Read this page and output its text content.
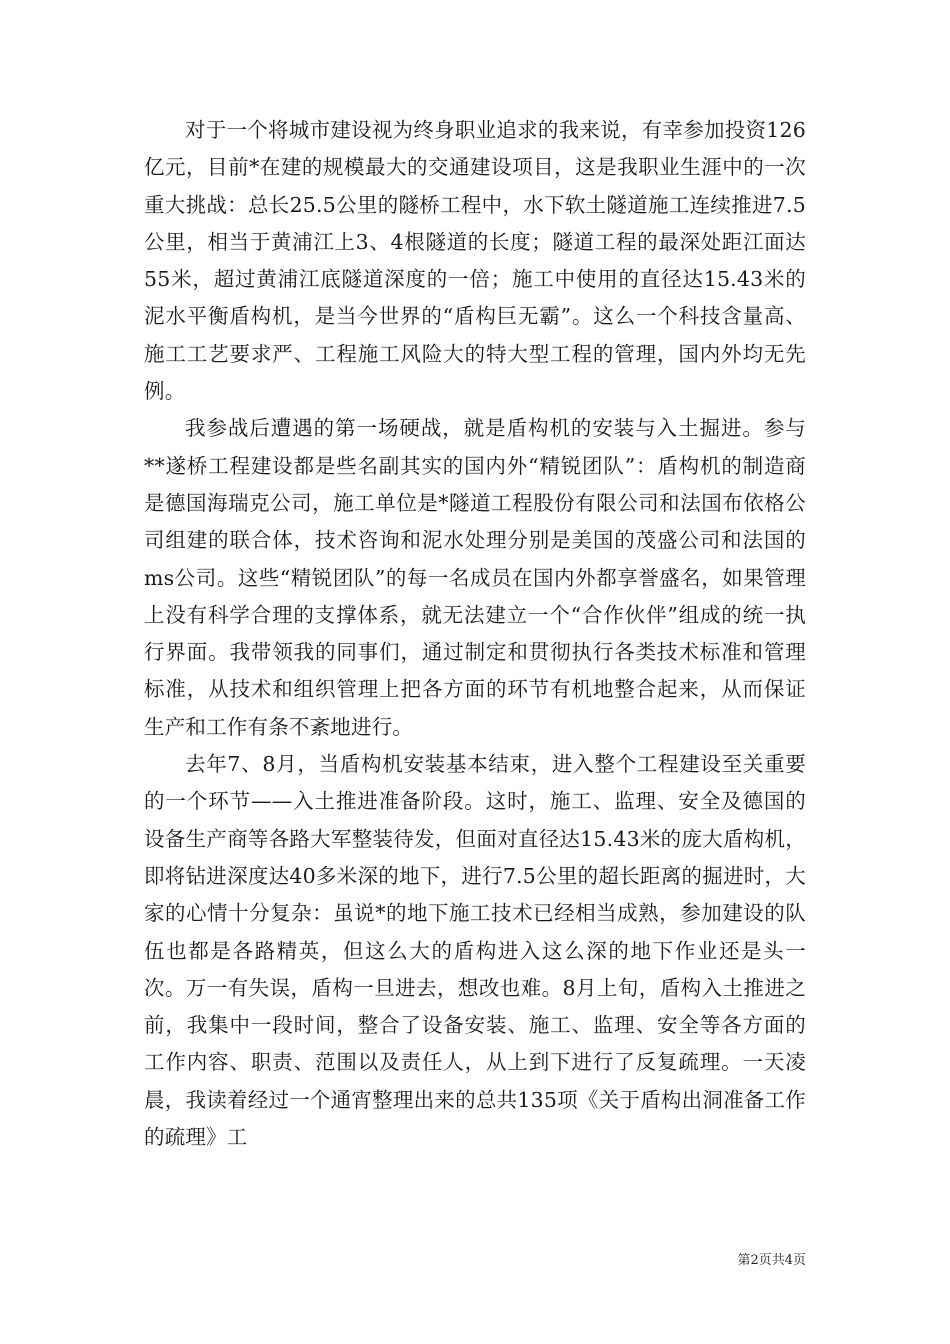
对于一个将城市建设视为终身职业追求的我来说，有幸参加投资126亿元，目前*在建的规模最大的交通建设项目，这是我职业生涯中的一次重大挑战：总长25.5公里的隧桥工程中，水下软土隧道施工连续推进7.5公里，相当于黄浦江上3、4根隧道的长度；隧道工程的最深处距江面达55米，超过黄浦江底隧道深度的一倍；施工中使用的直径达15.43米的泥水平衡盾构机，是当今世界的“盾构巨无霸”。这么一个科技含量高、施工工艺要求严、工程施工风险大的特大型工程的管理，国内外均无先例。

我参战后遭遇的第一场硬战，就是盾构机的安装与入土掘进。参与**遂桥工程建设都是些名副其实的国内外“精锐团队”：盾构机的制造商是德国海瑞克公司，施工单位是*隧道工程股份有限公司和法国布依格公司组建的联合体，技术咨询和泥水处理分别是美国的茂盛公司和法国的ms公司。这些“精锐团队”的每一名成员在国内外都享誉盛名，如果管理上没有科学合理的支撑体系，就无法建立一个“合作伙伴”组成的统一执行界面。我带领我的同事们，通过制定和贯彻执行各类技术标准和管理标准，从技术和组织管理上把各方面的环节有机地整合起来，从而保证生产和工作有条不紊地进行。

去年7、8月，当盾构机安装基本结束，进入整个工程建设至关重要的一个环节——入土推进准备阶段。这时，施工、监理、安全及德国的设备生产商等各路大军整装待发，但面对直径达15.43米的庞大盾构机，即将钻进深度达40多米深的地下，进行7.5公里的超长距离的掘进时，大家的心情十分复杂：虽说*的地下施工技术已经相当成熟，参加建设的队伍也都是各路精英，但这么大的盾构进入这么深的地下作业还是头一次。万一有失误，盾构一旦进去，想改也难。8月上旬，盾构入土推进之前，我集中一段时间，整合了设备安装、施工、监理、安全等各方面的工作内容、职责、范围以及责任人，从上到下进行了反复疏理。一天凌晨，我读着经过一个通宵整理出来的总共135项《关于盾构出洞准备工作的疏理》工

第2页共4页
